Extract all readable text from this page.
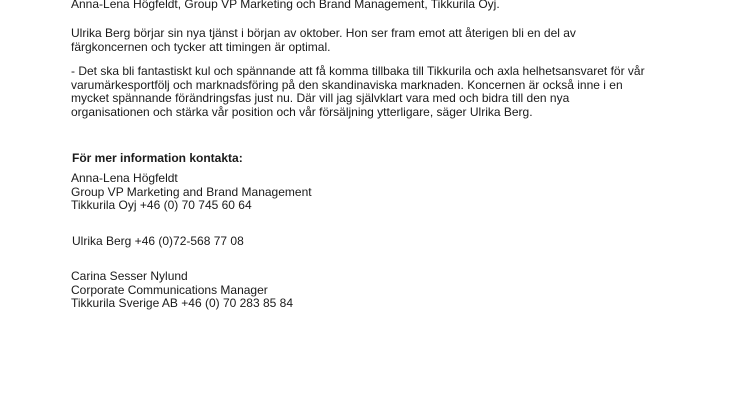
Anna-Lena Högfeldt, Group VP Marketing och Brand Management, Tikkurila Oyj.

Ulrika Berg börjar sin nya tjänst i början av oktober. Hon ser fram emot att återigen bli en del av
färgkoncernen och tycker att timingen är optimal.

- Det ska bli fantastiskt kul och spännande att få komma tillbaka till Tikkurila och axla helhetsansvaret för vår
varumärkesportfölj och marknadsföring på den skandinaviska marknaden. Koncernen är också inne i en
mycket spännande förändringsfas just nu. Där vill jag självklart vara med och bidra till den nya
organisationen och stärka vår position och vår försäljning ytterligare, säger Ulrika Berg.

För mer information kontakta:

Anna-Lena Högfeldt
Group VP Marketing and Brand Management
Tikkurila Oyj +46 (0) 70 745 60 64

Ulrika Berg +46 (0)72-568 77 08

Carina Sesser Nylund
Corporate Communications Manager
Tikkurila Sverige AB +46 (0) 70 283 85 84
